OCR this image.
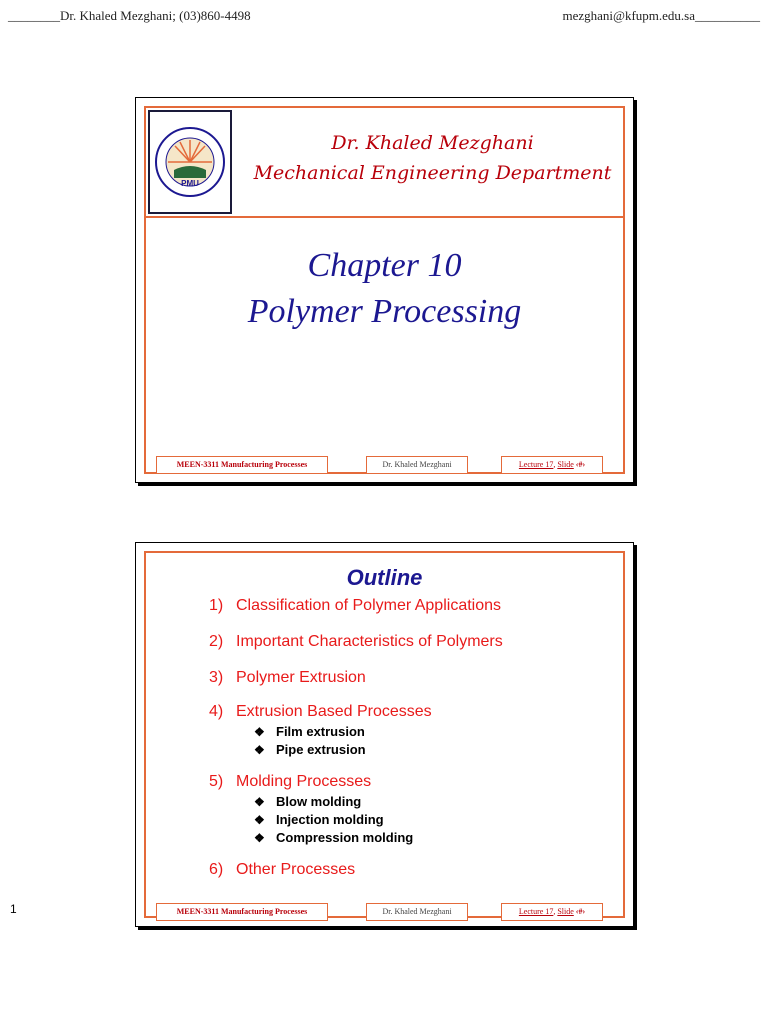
________Dr. Khaled Mezghani; (03)860-4498	mezghani@kfupm.edu.sa__________
PMU
Dr. Khaled Mezghani
Mechanical Engineering Department
Chapter 10
Polymer Processing
MEEN-3311 Manufacturing Processes	Dr. Khaled Mezghani	Lecture 17, Slide ‹#›
Outline
1) Classification of Polymer Applications
2) Important Characteristics of Polymers
3) Polymer Extrusion
4) Extrusion Based Processes
❖ Film extrusion
❖ Pipe extrusion
5) Molding Processes
❖ Blow molding
❖ Injection molding
❖ Compression molding
6) Other Processes
MEEN-3311 Manufacturing Processes	Dr. Khaled Mezghani	Lecture 17, Slide ‹#›
1
